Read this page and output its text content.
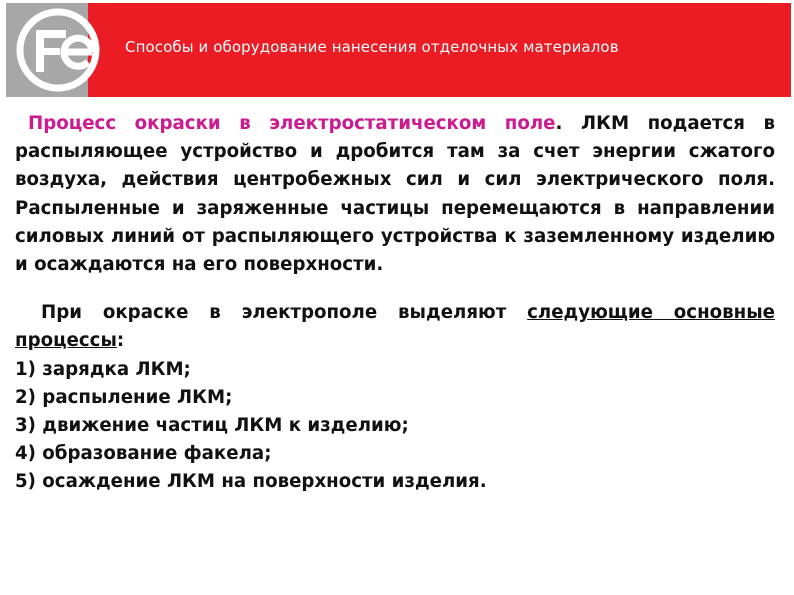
Способы и оборудование нанесения отделочных материалов

Процесс окраски в электростатическом поле. ЛКМ подается в распыляющее устройство и дробится там за счет энергии сжатого воздуха, действия центробежных сил и сил электрического поля. Распыленные и заряженные частицы перемещаются в направлении силовых линий от распыляющего устройства к заземленному изделию и осаждаются на его поверхности.

При окраске в электрополе выделяют следующие основные процессы:

1) зарядка ЛКМ;
2) распыление ЛКМ;
3) движение частиц ЛКМ к изделию;
4) образование факела;
5) осаждение ЛКМ на поверхности изделия.
